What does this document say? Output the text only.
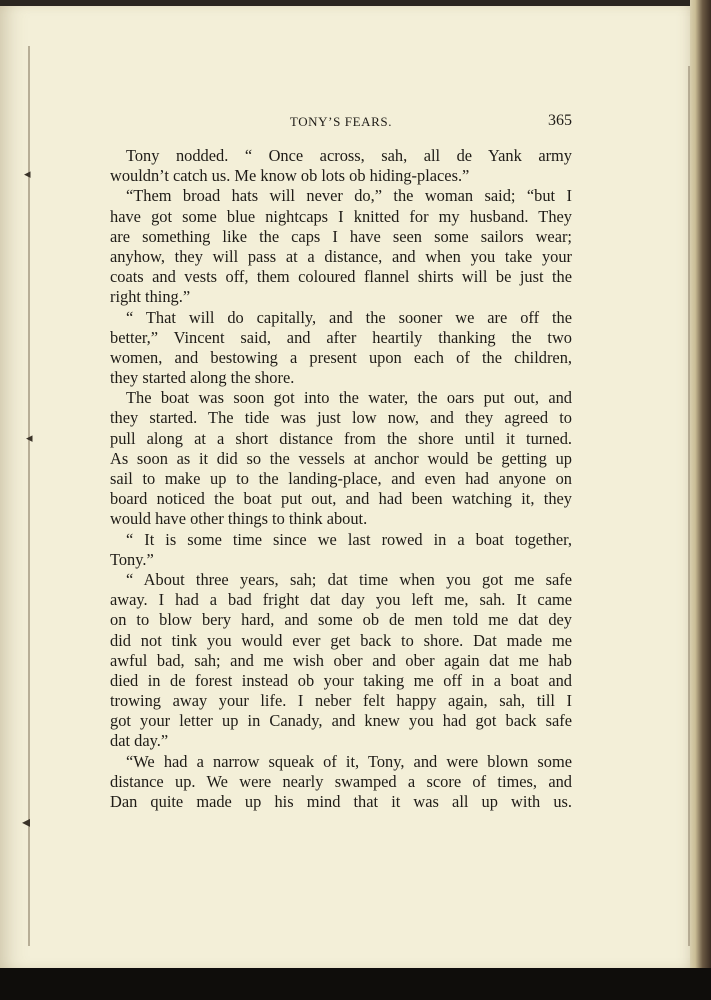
◂
◂
◂
TONY’S FEARS.	365
Tony nodded. “ Once across, sah, all de Yank army
wouldn’t catch us. Me know ob lots ob hiding-places.”
“Them broad hats will never do,” the woman said; “but I
have got some blue nightcaps I knitted for my husband. They
are something like the caps I have seen some sailors wear;
anyhow, they will pass at a distance, and when you take your
coats and vests off, them coloured flannel shirts will be just the
right thing.”
“ That will do capitally, and the sooner we are off the
better,” Vincent said, and after heartily thanking the two
women, and bestowing a present upon each of the children,
they started along the shore.
The boat was soon got into the water, the oars put out, and
they started. The tide was just low now, and they agreed to
pull along at a short distance from the shore until it turned.
As soon as it did so the vessels at anchor would be getting up
sail to make up to the landing-place, and even had anyone on
board noticed the boat put out, and had been watching it, they
would have other things to think about.
“ It is some time since we last rowed in a boat together,
Tony.”
“ About three years, sah; dat time when you got me safe
away. I had a bad fright dat day you left me, sah. It came
on to blow bery hard, and some ob de men told me dat dey
did not tink you would ever get back to shore. Dat made me
awful bad, sah; and me wish ober and ober again dat me hab
died in de forest instead ob your taking me off in a boat and
trowing away your life. I neber felt happy again, sah, till I
got your letter up in Canady, and knew you had got back safe
dat day.”
“We had a narrow squeak of it, Tony, and were blown some
distance up. We were nearly swamped a score of times, and
Dan quite made up his mind that it was all up with us.
